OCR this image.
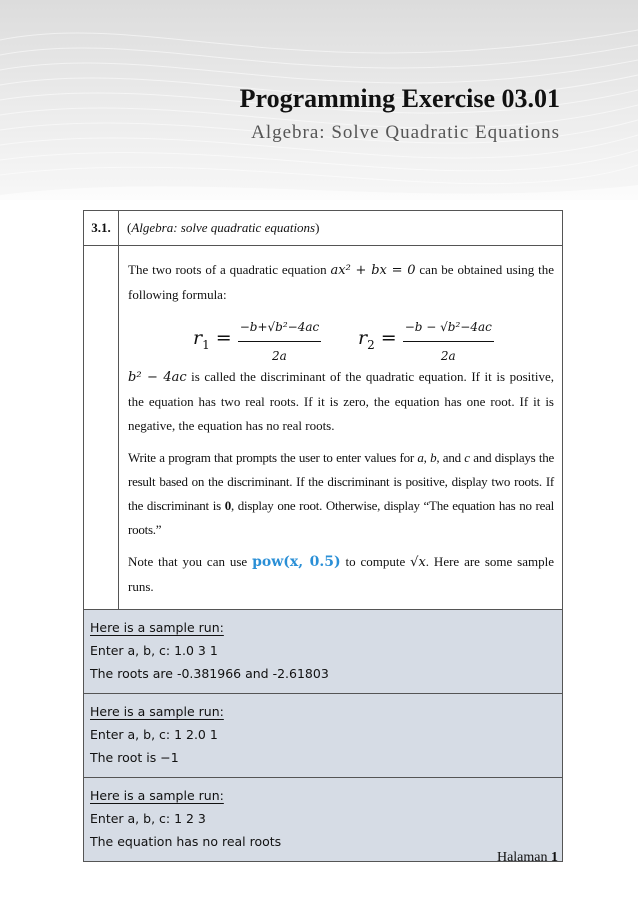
Programming Exercise 03.01
Algebra: Solve Quadratic Equations
3.1.	( Algebra: solve quadratic equations )

The two roots of a quadratic equation ax² + bx = 0 can be obtained using the following formula:

$r_1 = \frac{\text{−b+√b²−4ac}}{2a} r_2 = \frac{\text{−b − √b²−4ac}}{2a}$

b² − 4ac is called the discriminant of the quadratic equation. If it is positive, the equation has two real roots. If it is zero, the equation has one root. If it is negative, the equation has no real roots.

Write a program that prompts the user to enter values for a, b, and c and displays the result based on the discriminant. If the discriminant is positive, display two roots. If the discriminant is 0, display one root. Otherwise, display “The equation has no real roots.”

Note that you can use pow(x, 0.5) to compute √x. Here are some sample runs.

Here is a sample run:
Enter a, b, c: 1.0 3 1
The roots are -0.381966 and -2.61803
Here is a sample run:
Enter a, b, c: 1 2.0 1
The root is −1
Here is a sample run:
Enter a, b, c: 1 2 3
The equation has no real roots
Halaman 1
